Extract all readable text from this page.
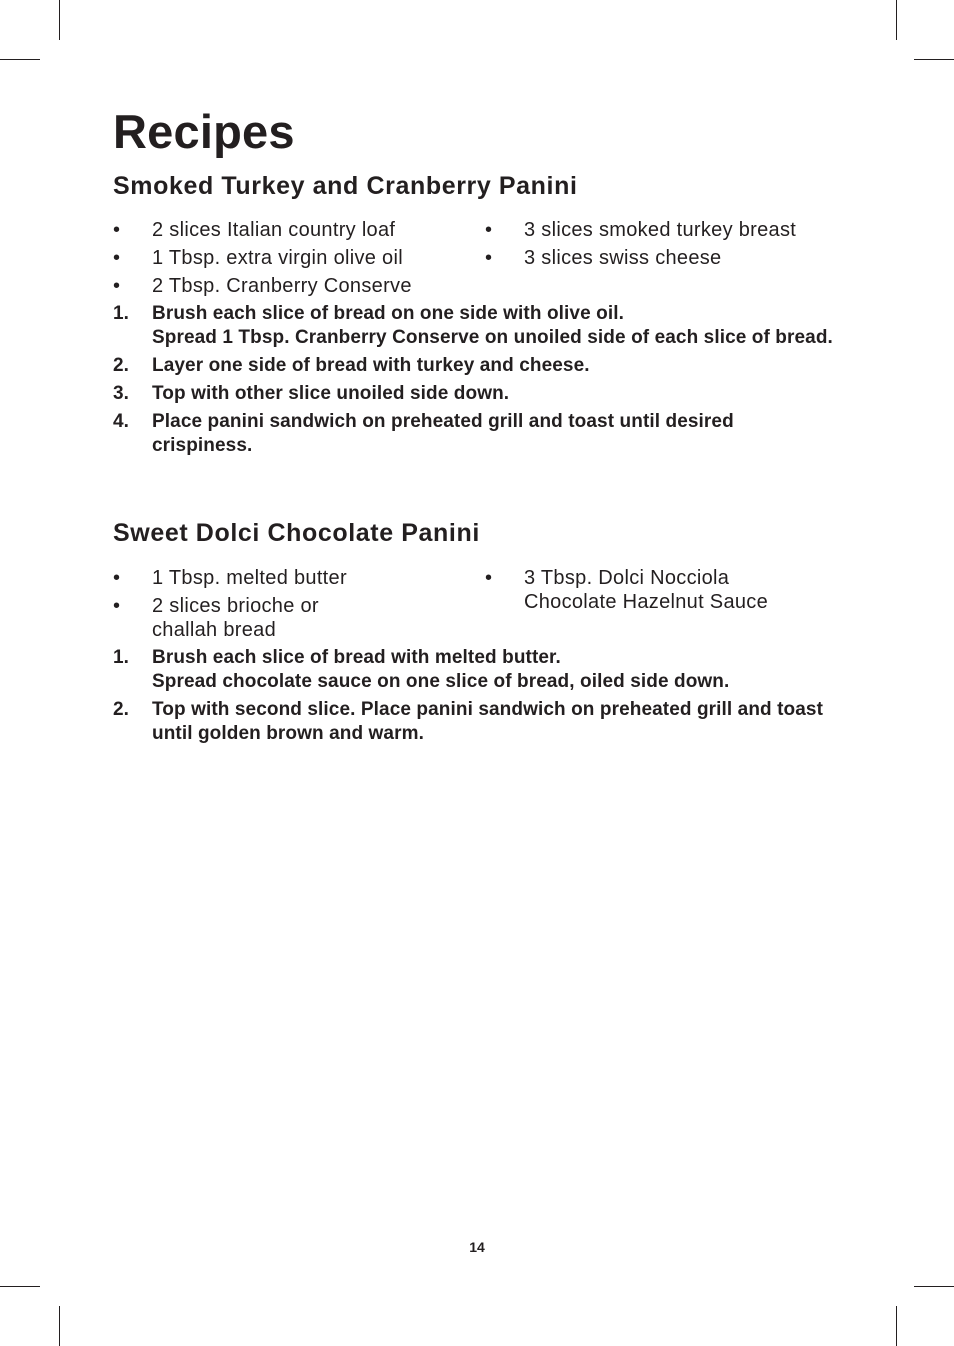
Recipes
Smoked Turkey and Cranberry Panini
• 2 slices Italian country loaf
• 1 Tbsp. extra virgin olive oil
• 2 Tbsp. Cranberry Conserve
• 3 slices smoked turkey breast
• 3 slices swiss cheese
1. Brush each slice of bread on one side with olive oil.
Spread 1 Tbsp. Cranberry Conserve on unoiled side of each slice of bread.
2. Layer one side of bread with turkey and cheese.
3. Top with other slice unoiled side down.
4. Place panini sandwich on preheated grill and toast until desired crispiness.
Sweet Dolci Chocolate Panini
• 1 Tbsp. melted butter
• 2 slices brioche or challah bread
• 3 Tbsp. Dolci Nocciola Chocolate Hazelnut Sauce
1. Brush each slice of bread with melted butter.
Spread chocolate sauce on one slice of bread, oiled side down.
2. Top with second slice. Place panini sandwich on preheated grill and toast until golden brown and warm.
14
